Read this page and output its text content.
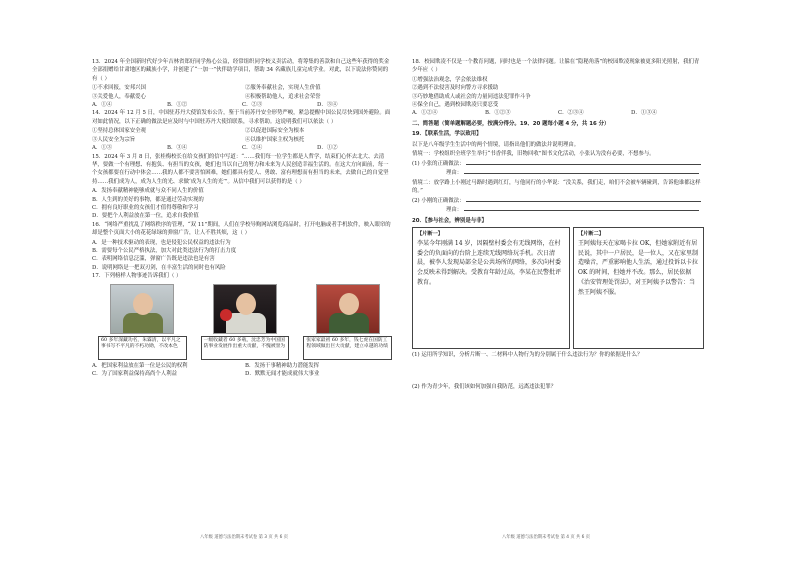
13．2024 年全国新时代好少年吉林省郑好同学热心公益，经常组织同学校义卖活动，将筹集的善款和自己这些年获得的奖金全部捐赠给甘肃地区的藏族小学，并创建了“一加一”伙伴助学项目，帮助 34 名藏族儿童完成学业。对此，以下说法你赞同的有（ ）
①不求回报，安邦兴国	②服务奉献社会，实现人生价值
③关爱他人，奉献爱心	④积极帮助他人，追求社会荣誉
A．①④	B．①②	C．②③	D．③④
14．2024 年 12 月 5 日，中国驻苏丹大使馆发布公告，鉴于当前苏丹安全形势严峻，紧急提醒中国公民尽快到国外避险。面对如此情况，以下正确的做法是应及时与中国驻苏丹大使馆联系，寻求帮助。这说明我们可以依法（ ）
①坚持总体国家安全观	②以促进国际安全为根本
③人民安全为宗旨	④以维护国家主权为核托
A．①③	B．③④	C．②④	D．①②
15．2024 年 3 月 8 日，张桂梅校长在给女孩们的信中写道：“……我们每一位学生都是人哲学，结束们心怀去北大、去清华，要做一个有理想、有抱负、有担当的女孩，她们也当以自己的努力和未来为人民创造幸福生活的。在这大方向面前，每一个女孩都要在行动中体会……我的人都不要害怕困难，她们都具有爱人、勇敢、富有理想而有担当的未来，去做自己的自觉坚持……我们成为人，成为人生的光、求做‘成为人生的光’”。从信中我们可以获得的是（ ）
A．发扬奉献精神能够成就与众不同人生的价值
B．人生到的美好的事物，都是通过劳动实现的
C．拥有良好职业的女孩们才值得尊敬和学习
D．要把个人利益放在第一位，追求自我价值
16．“网络严重扰乱了网络秩序的管理，“双 11”期间，人们在学校导购网站浏览商品时，打开电脑或者手机软件，映入眼帘的却是整个页面大小的花花绿绿的弹窗广告，让人不胜其烦，这（ ）
A．是一种技术驱动的表现，也是侵犯公民权益的违法行为
B．需要每个公民严格执法，加大对此类违法行为的打击力度
C．表明网络信息泛滥，弹窗广告既是违法也是有害
D．说明网络是一把双刃剑，在丰富生活的同时也有风险
17．下列榜样人物事迹告诉我们（ ）
60 多年深藏功名，朱霖清，以平凡之事书写不平凡的不朽功勋，不改本色
一级收藏者 60 多载，沈忠芳为中国国防事业发展作出重大贡献，不愧被誉为
张家家最初 60 多年，钱七虎在国防工程领域做出巨大贡献，建立卓越的功绩
A．把国家利益放在第一位是公民的权利	B．发扬干事精神助力潜能发挥
C．为了国家利益保持高尚个人利益	D．默默无闻才能成就伟大事业
18．校园欺凌不仅是一个教育问题，同时也是一个法律问题。让躲在“隐秘角落”的校园欺凌现象被更多阳光照射，我们青少年应（ ）
①增强法治观念，学会依法维权
②遇到不法侵害及时向警方寻求援助
③巧妙地借助成人或社会的力量同违法犯罪作斗争
④保全自己，遇到校园欺凌只要忍受
A．①②④	B．①②③	C．②③④	D．①③④
二、简答题（简单题解题必要，按满分得分。19、20 题每小题 4 分，共 16 分）
19．【联系生活，学以致用】
以下是八年级学生生活中的两个情境，请指出他们的做法并说明理由。
情境一：学校组织全班学生举行“书香伴我，旧物回收”图书文化活动，小张认为没有必要，不想参与。
(1) 小张的正确做法：
理由：
情境二：放学路上小刚过马路时遇到红灯，与他同行的小华说：“没关系，我们走，咱们不会被车辆碰到，告诉他谁都这样的。”
(2) 小刚的正确做法：
理由：
20．【参与社会，辨别是与非】
【片断一】
李某今年刚满 14 岁，因隔壁村委会有无线网络，在村委会的负面向的台阶上连续无线网络玩手机。次日清晨，被李人发现局部全是公共场所的网络，多次向村委会反映未得到解决。受教育年龄过高，李某在民警批评教育。
【片断二】
王阿姨每天在家喝卡拉 OK，但她家附近有居民说，其中一户居民，是一位人，又在家里制造噪音，严重影响他人生活，通过投诉以卡拉 OK 的时间，但她并不改。那么，居民依据《治安管理处罚法》，对王阿姨予以警告：当然王阿姨不服。
(1) 运用所学知识，分析片断一、二材料中人物行为的分别属于什么违法行为？你的依据是什么？
(2) 作为青少年，我们该如何加强自我防范，远离违法犯罪？
八年级 道德与法治期末考试卷 第 3 页 共 6 页	八年级 道德与法治期末考试卷 第 4 页 共 6 页
